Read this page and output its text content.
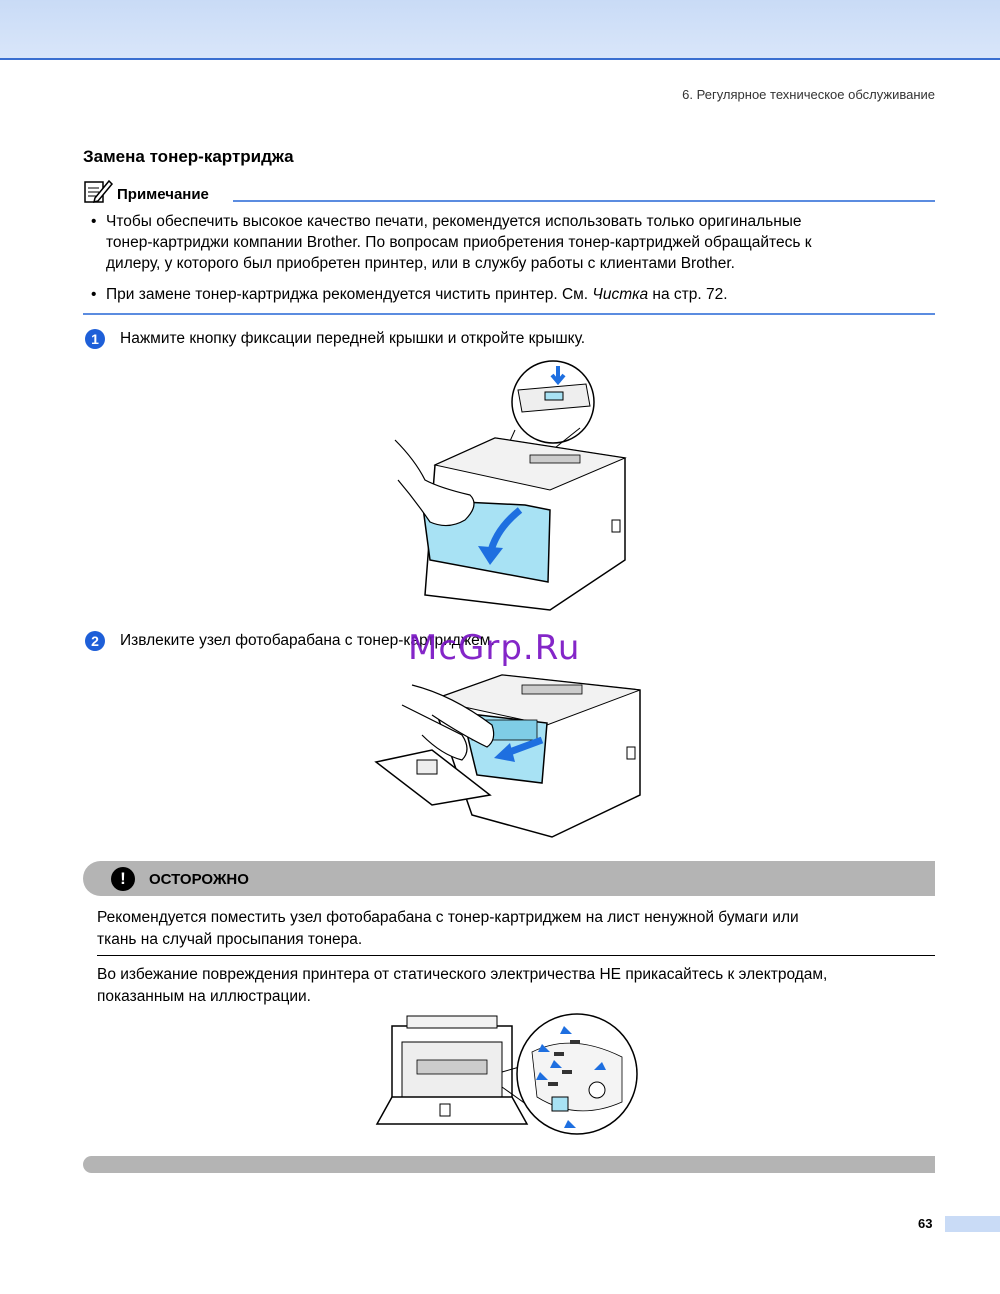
6. Регулярное техническое обслуживание
Замена тонер-картриджа
Примечание
• Чтобы обеспечить высокое качество печати, рекомендуется использовать только оригинальные
тонер-картриджи компании Brother. По вопросам приобретения тонер-картриджей обращайтесь к
дилеру, у которого был приобретен принтер, или в службу работы с клиентами Brother.
• При замене тонер-картриджа рекомендуется чистить принтер. См. Чистка на стр. 72.
1	Нажмите кнопку фиксации передней крышки и откройте крышку.
2	Извлеките узел фотобарабана с тонер-картриджем.
McGrp.Ru
!	ОСТОРОЖНО
Рекомендуется поместить узел фотобарабана с тонер-картриджем на лист ненужной бумаги или
ткань на случай просыпания тонера.
Во избежание повреждения принтера от статического электричества НЕ прикасайтесь к электродам,
показанным на иллюстрации.
63
